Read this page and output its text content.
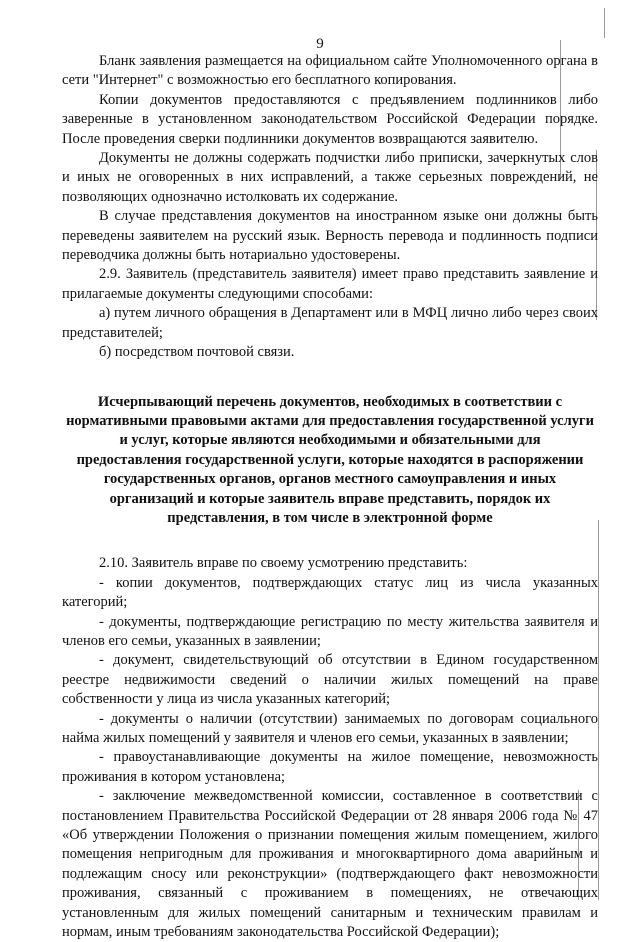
9

Бланк заявления размещается на официальном сайте Уполномоченного органа в сети "Интернет" с возможностью его бесплатного копирования.

Копии документов предоставляются с предъявлением подлинников либо заверенные в установленном законодательством Российской Федерации порядке. После проведения сверки подлинники документов возвращаются заявителю.

Документы не должны содержать подчистки либо приписки, зачеркнутых слов и иных не оговоренных в них исправлений, а также серьезных повреждений, не позволяющих однозначно истолковать их содержание.

В случае представления документов на иностранном языке они должны быть переведены заявителем на русский язык. Верность перевода и подлинность подписи переводчика должны быть нотариально удостоверены.

2.9. Заявитель (представитель заявителя) имеет право представить заявление и прилагаемые документы следующими способами:

а) путем личного обращения в Департамент или в МФЦ лично либо через своих представителей;

б) посредством почтовой связи.

Исчерпывающий перечень документов, необходимых в соответствии с нормативными правовыми актами для предоставления государственной услуги и услуг, которые являются необходимыми и обязательными для предоставления государственной услуги, которые находятся в распоряжении государственных органов, органов местного самоуправления и иных организаций и которые заявитель вправе представить, порядок их представления, в том числе в электронной форме

2.10. Заявитель вправе по своему усмотрению представить:

- копии документов, подтверждающих статус лиц из числа указанных категорий;

- документы, подтверждающие регистрацию по месту жительства заявителя и членов его семьи, указанных в заявлении;

- документ, свидетельствующий об отсутствии в Едином государственном реестре недвижимости сведений о наличии жилых помещений на праве собственности у лица из числа указанных категорий;

- документы о наличии (отсутствии) занимаемых по договорам социального найма жилых помещений у заявителя и членов его семьи, указанных в заявлении;

- правоустанавливающие документы на жилое помещение, невозможность проживания в котором установлена;

- заключение межведомственной комиссии, составленное в соответствии с постановлением Правительства Российской Федерации от 28 января 2006 года № 47 «Об утверждении Положения о признании помещения жилым помещением, жилого помещения непригодным для проживания и многоквартирного дома аварийным и подлежащим сносу или реконструкции» (подтверждающего факт невозможности проживания, связанный с проживанием в помещениях, не отвечающих установленным для жилых помещений санитарным и техническим правилам и нормам, иным требованиям законодательства Российской Федерации);
